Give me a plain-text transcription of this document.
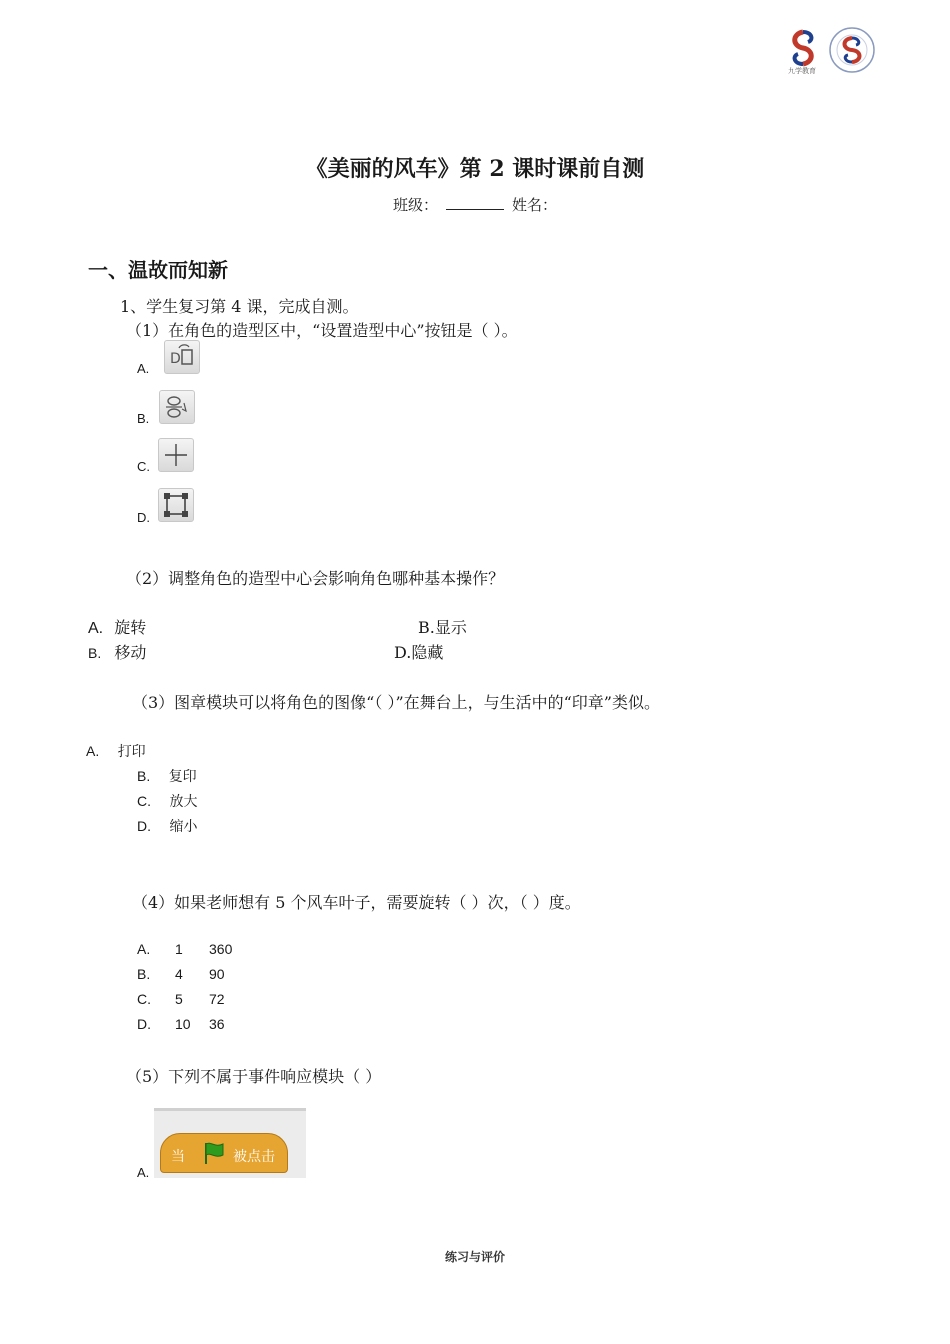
九学教育
《美丽的风车》第 2 课时课前自测
班级：	姓名：
一、温故而知新
1、学生复习第 4 课，完成自测。
（1）在角色的造型区中，“设置造型中心”按钮是（ ）。
A.
D
B.
C.
D.
（2）调整角色的造型中心会影响角色哪种基本操作？
A. 旋转	B.显示
B. 移动	D.隐藏
（3）图章模块可以将角色的图像“（ ）”在舞台上，与生活中的“印章”类似。
A. 打印
B. 复印
C. 放大
D. 缩小
（4）如果老师想有 5 个风车叶子，需要旋转（ ）次，（ ）度。
A. 1 360
B. 4 90
C. 5 72
D. 10 36
（5）下列不属于事件响应模块（ ）
A.
当	被点击
练习与评价
